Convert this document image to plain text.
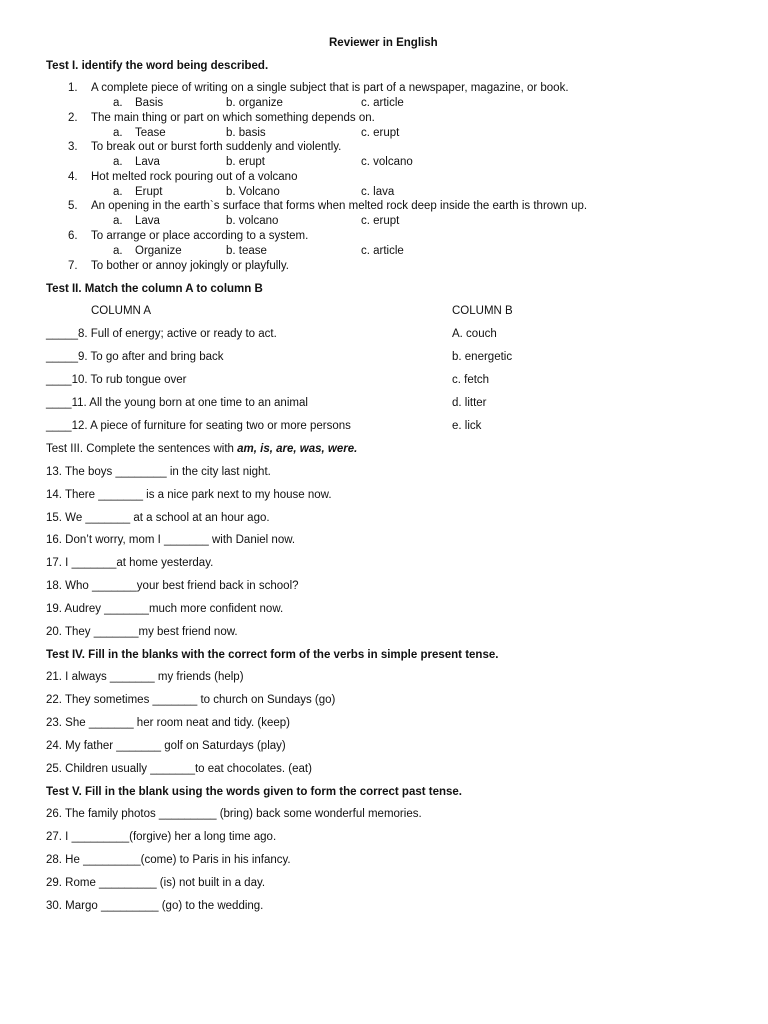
Reviewer in English
Test I. identify the word being described.
1. A complete piece of writing on a single subject that is part of a newspaper, magazine, or book.
a. Basis	b. organize	c. article
2. The main thing or part on which something depends on.
a. Tease	b. basis	c. erupt
3. To break out or burst forth suddenly and violently.
a. Lava	b. erupt	c. volcano
4. Hot melted rock pouring out of a volcano
a. Erupt	b. Volcano	c. lava
5. An opening in the earth`s surface that forms when melted rock deep inside the earth is thrown up.
a. Lava	b. volcano	c. erupt
6. To arrange or place according to a system.
a. Organize	b. tease	c. article
7. To bother or annoy jokingly or playfully.
Test II. Match the column A to column B
COLUMN A	COLUMN B
_____8. Full of energy; active or ready to act.	A. couch
_____9. To go after and bring back	b. energetic
____10. To rub tongue over	c. fetch
____11. All the young born at one time to an animal	d. litter
____12. A piece of furniture for seating two or more persons	e. lick
Test III. Complete the sentences with am, is, are, was, were.
13. The boys ________ in the city last night.
14. There _______ is a nice park next to my house now.
15. We _______ at a school at an hour ago.
16. Don’t worry, mom I _______ with Daniel now.
17. I _______at home yesterday.
18. Who _______your best friend back in school?
19. Audrey _______much more confident now.
20. They _______my best friend now.
Test IV. Fill in the blanks with the correct form of the verbs in simple present tense.
21. I always _______ my friends (help)
22. They sometimes _______ to church on Sundays (go)
23. She _______ her room neat and tidy. (keep)
24. My father _______ golf on Saturdays (play)
25. Children usually _______to eat chocolates. (eat)
Test V. Fill in the blank using the words given to form the correct past tense.
26. The family photos _________ (bring) back some wonderful memories.
27. I _________(forgive) her a long time ago.
28. He _________(come) to Paris in his infancy.
29. Rome _________ (is) not built in a day.
30. Margo _________ (go) to the wedding.
